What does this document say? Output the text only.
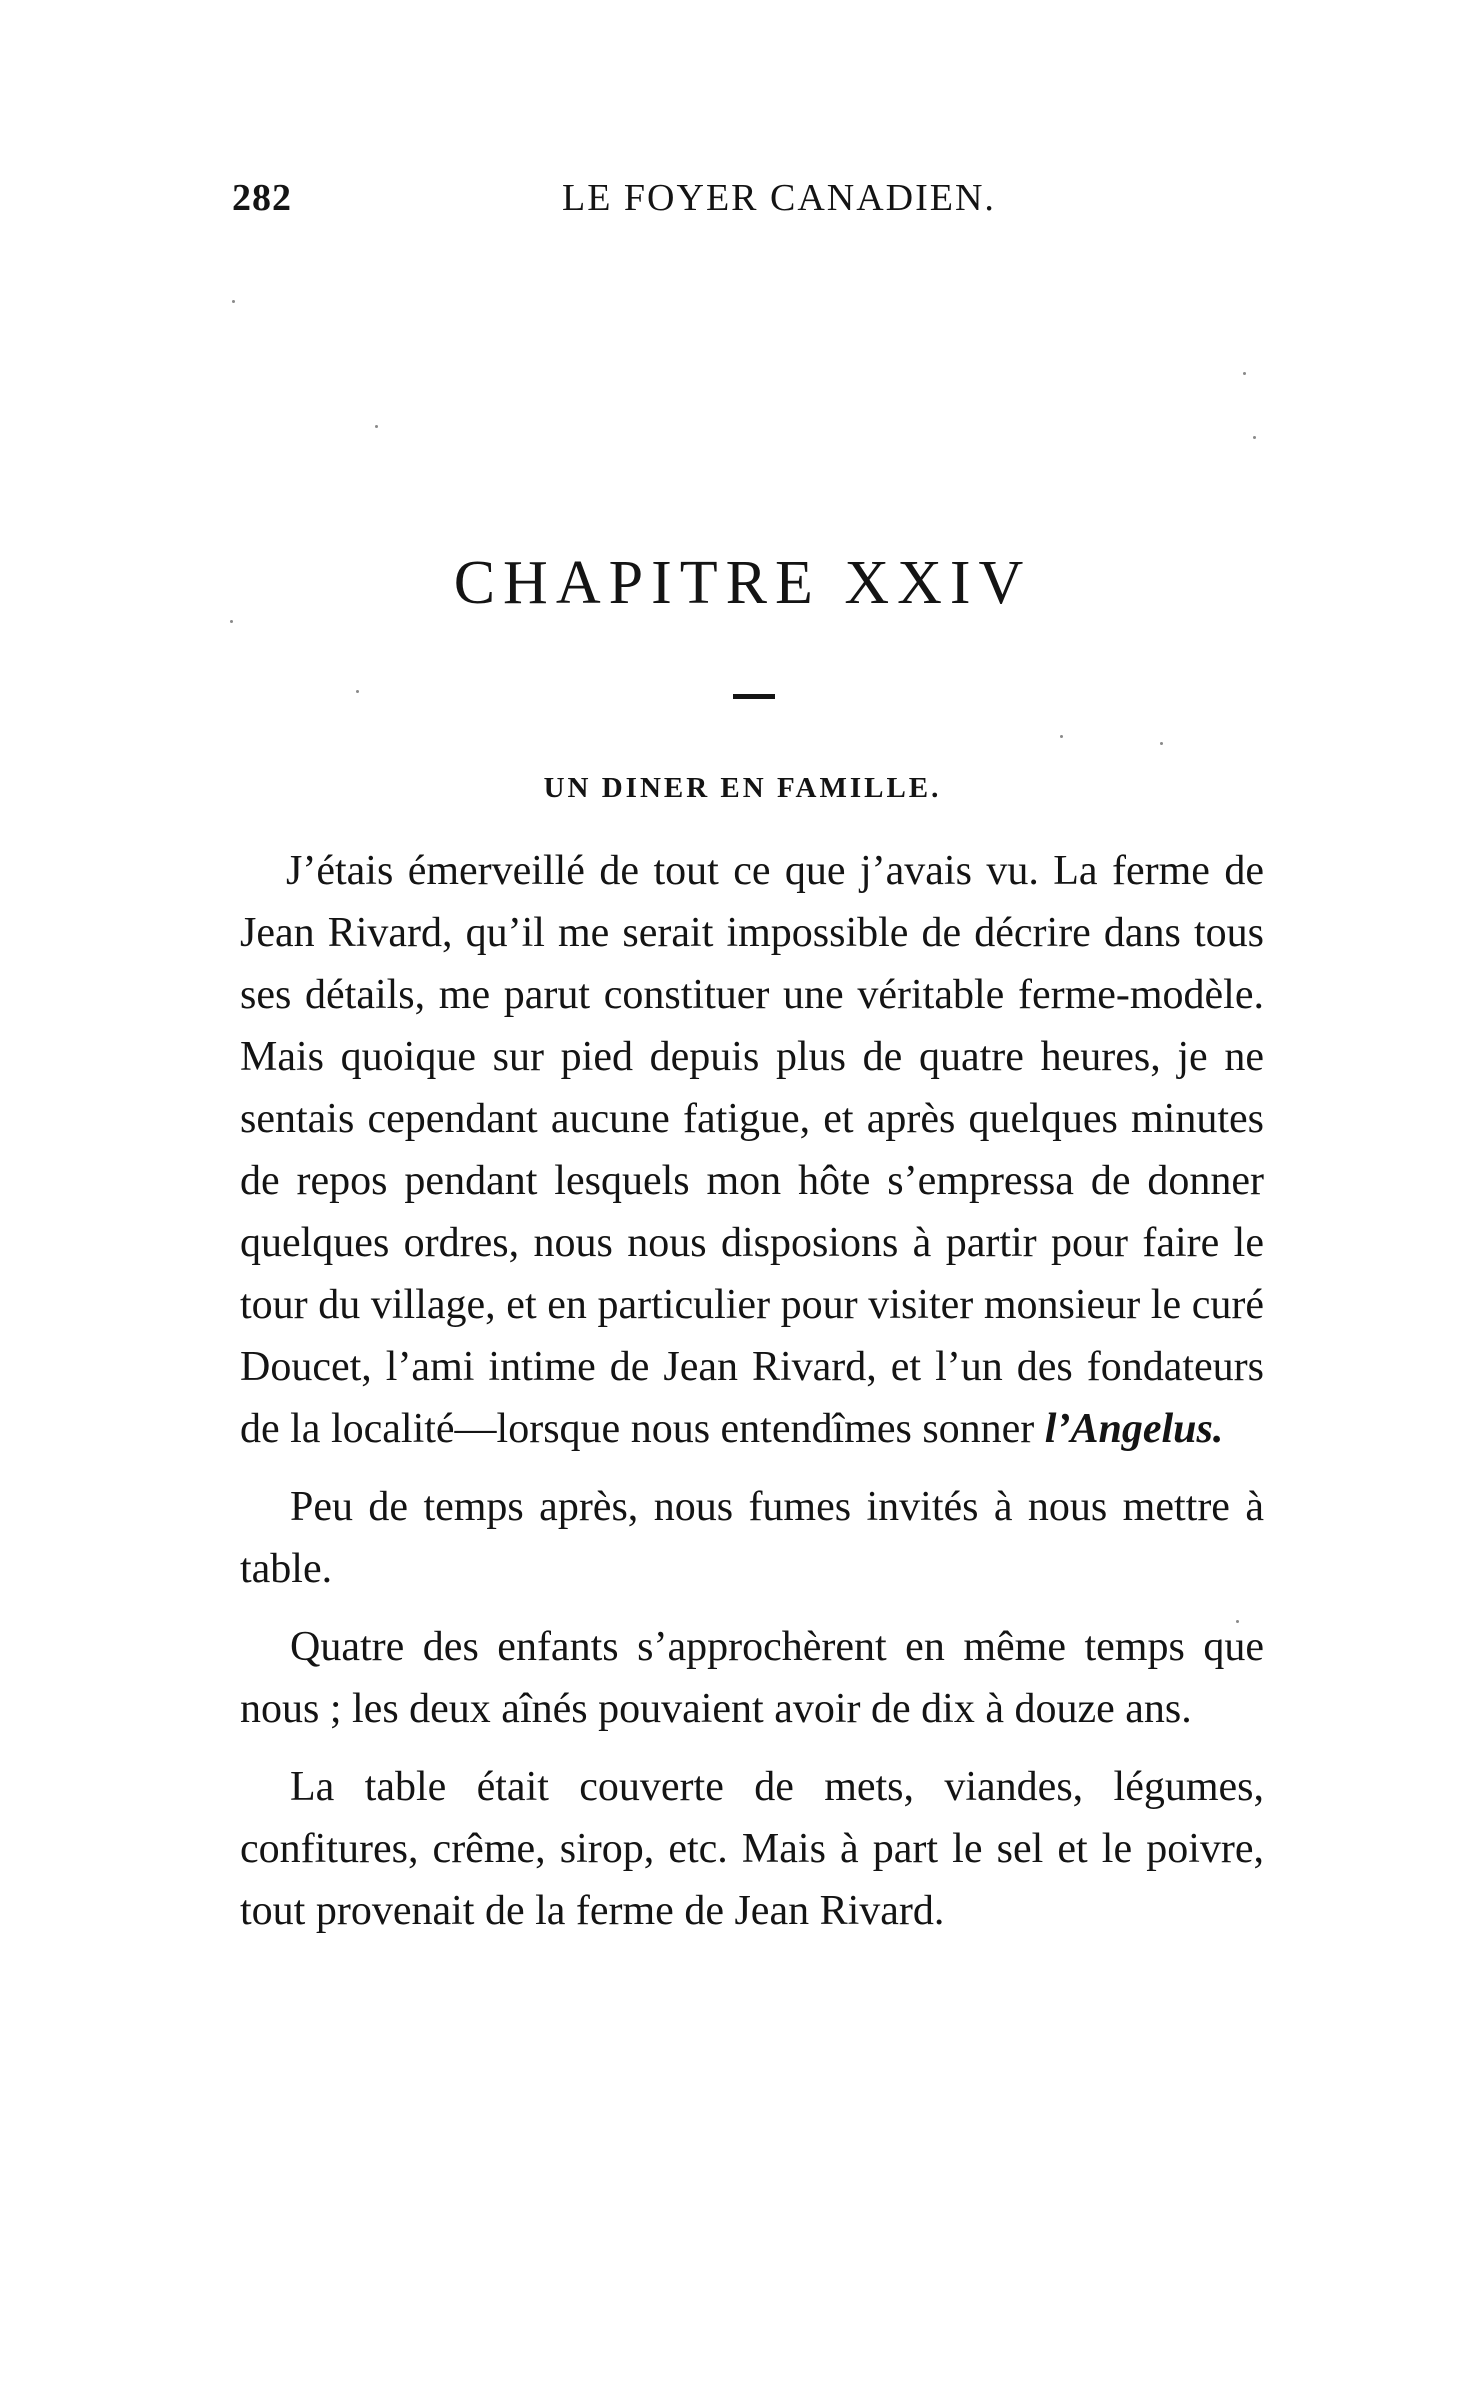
282	LE FOYER CANADIEN.
CHAPITRE XXIV
UN DINER EN FAMILLE.

J’étais émerveillé de tout ce que j’avais vu. La ferme de Jean Rivard, qu’il me serait impossible de décrire dans tous ses détails, me parut constituer une véritable ferme-modèle. Mais quoique sur pied depuis plus de quatre heures, je ne sentais cependant aucune fatigue, et après quelques minutes de repos pendant lesquels mon hôte s’empressa de donner quelques ordres, nous nous disposions à partir pour faire le tour du village, et en particulier pour visiter monsieur le curé Doucet, l’ami intime de Jean Rivard, et l’un des fondateurs de la localité—lorsque nous entendîmes sonner l’Angelus.

Peu de temps après, nous fumes invités à nous mettre à table.

Quatre des enfants s’approchèrent en même temps que nous ; les deux aînés pouvaient avoir de dix à douze ans.

La table était couverte de mets, viandes, légumes, confitures, crême, sirop, etc. Mais à part le sel et le poivre, tout provenait de la ferme de Jean Rivard.
